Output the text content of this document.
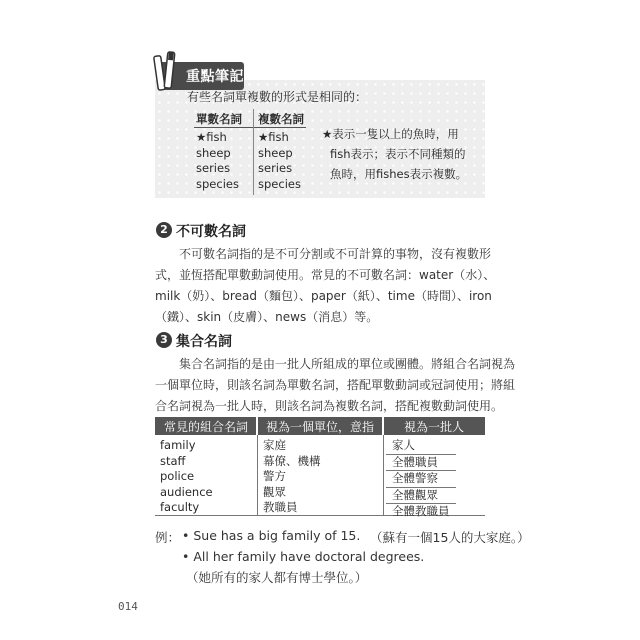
重點筆記
有些名詞單複數的形式是相同的：
單數名詞 複數名詞
★fish
sheep
series
species
★fish
sheep
series
species
★表示一隻以上的魚時，用
fish表示；表示不同種類的
魚時，用fishes表示複數。
2 不可數名詞
不可數名詞指的是不可分割或不可計算的事物，沒有複數形
式，並恆搭配單數動詞使用。常見的不可數名詞：water（水）、
milk（奶）、bread（麵包）、paper（紙）、time（時間）、iron
（鐵）、skin（皮膚）、news（消息）等。
3 集合名詞
集合名詞指的是由一批人所組成的單位或團體。將組合名詞視為
一個單位時，則該名詞為單數名詞，搭配單數動詞或冠詞使用；將組
合名詞視為一批人時，則該名詞為複數名詞，搭配複數動詞使用。
常見的組合名詞 視為一個單位，意指 視為一批人
family
staff
police
audience
faculty
家庭
幕僚、機構
警方
觀眾
教職員
家人
全體職員
全體警察
全體觀眾
全體教職員
例： • Sue has a big family of 15. （蘇有一個15人的大家庭。）
• All her family have doctoral degrees.
（她所有的家人都有博士學位。）
014
